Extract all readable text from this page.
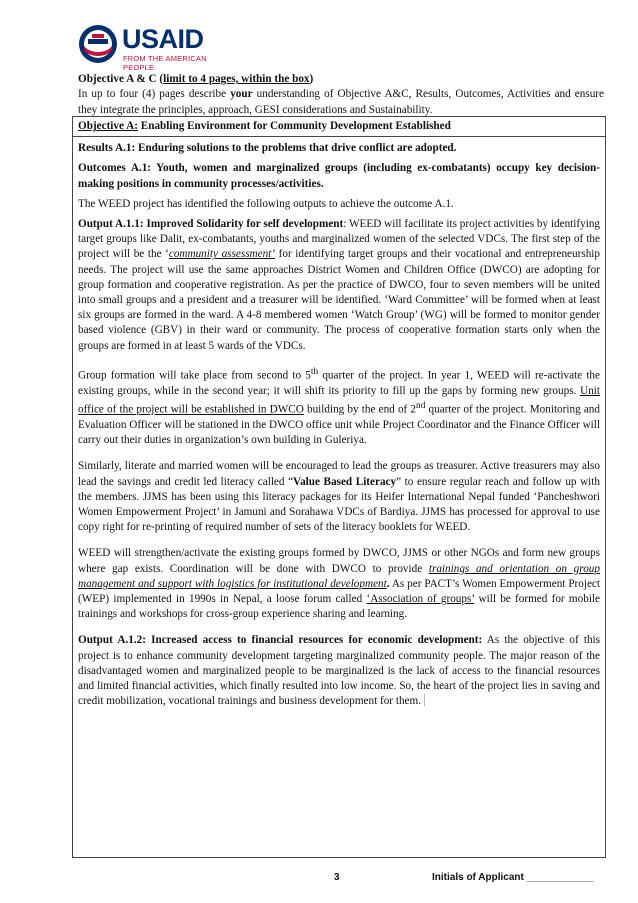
USAID
FROM THE AMERICAN PEOPLE

Objective A & C (limit to 4 pages, within the box)

In up to four (4) pages describe your understanding of Objective A&C, Results, Outcomes, Activities and ensure they integrate the principles, approach, GESI considerations and Sustainability.

Objective A: Enabling Environment for Community Development Established

Results A.1: Enduring solutions to the problems that drive conflict are adopted.

Outcomes A.1: Youth, women and marginalized groups (including ex-combatants) occupy key decision-making positions in community processes/activities.

The WEED project has identified the following outputs to achieve the outcome A.1.

Output A.1.1: Improved Solidarity for self development: WEED will facilitate its project activities by identifying target groups like Dalit, ex-combatants, youths and marginalized women of the selected VDCs. The first step of the project will be the ‘community assessment’ for identifying target groups and their vocational and entrepreneurship needs. The project will use the same approaches District Women and Children Office (DWCO) are adopting for group formation and cooperative registration. As per the practice of DWCO, four to seven members will be united into small groups and a president and a treasurer will be identified. ‘Ward Committee’ will be formed when at least six groups are formed in the ward. A 4-8 membered women ‘Watch Group’ (WG) will be formed to monitor gender based violence (GBV) in their ward or community. The process of cooperative formation starts only when the groups are formed in at least 5 wards of the VDCs.

Group formation will take place from second to 5th quarter of the project. In year 1, WEED will re-activate the existing groups, while in the second year; it will shift its priority to fill up the gaps by forming new groups. Unit office of the project will be established in DWCO building by the end of 2nd quarter of the project. Monitoring and Evaluation Officer will be stationed in the DWCO office unit while Project Coordinator and the Finance Officer will carry out their duties in organization’s own building in Guleriya.

Similarly, literate and married women will be encouraged to lead the groups as treasurer. Active treasurers may also lead the savings and credit led literacy called “Value Based Literacy” to ensure regular reach and follow up with the members. JJMS has been using this literacy packages for its Heifer International Nepal funded ‘Pancheshwori Women Empowerment Project’ in Jamuni and Sorahawa VDCs of Bardiya. JJMS has processed for approval to use copy right for re-printing of required number of sets of the literacy booklets for WEED.

WEED will strengthen/activate the existing groups formed by DWCO, JJMS or other NGOs and form new groups where gap exists. Coordination will be done with DWCO to provide trainings and orientation on group management and support with logistics for institutional development. As per PACT’s Women Empowerment Project (WEP) implemented in 1990s in Nepal, a loose forum called ‘Association of groups’ will be formed for mobile trainings and workshops for cross-group experience sharing and learning.

Output A.1.2: Increased access to financial resources for economic development: As the objective of this project is to enhance community development targeting marginalized community people. The major reason of the disadvantaged women and marginalized people to be marginalized is the lack of access to the financial resources and limited financial activities, which finally resulted into low income. So, the heart of the project lies in saving and credit mobilization, vocational trainings and business development for them.

3	Initials of Applicant ____________
